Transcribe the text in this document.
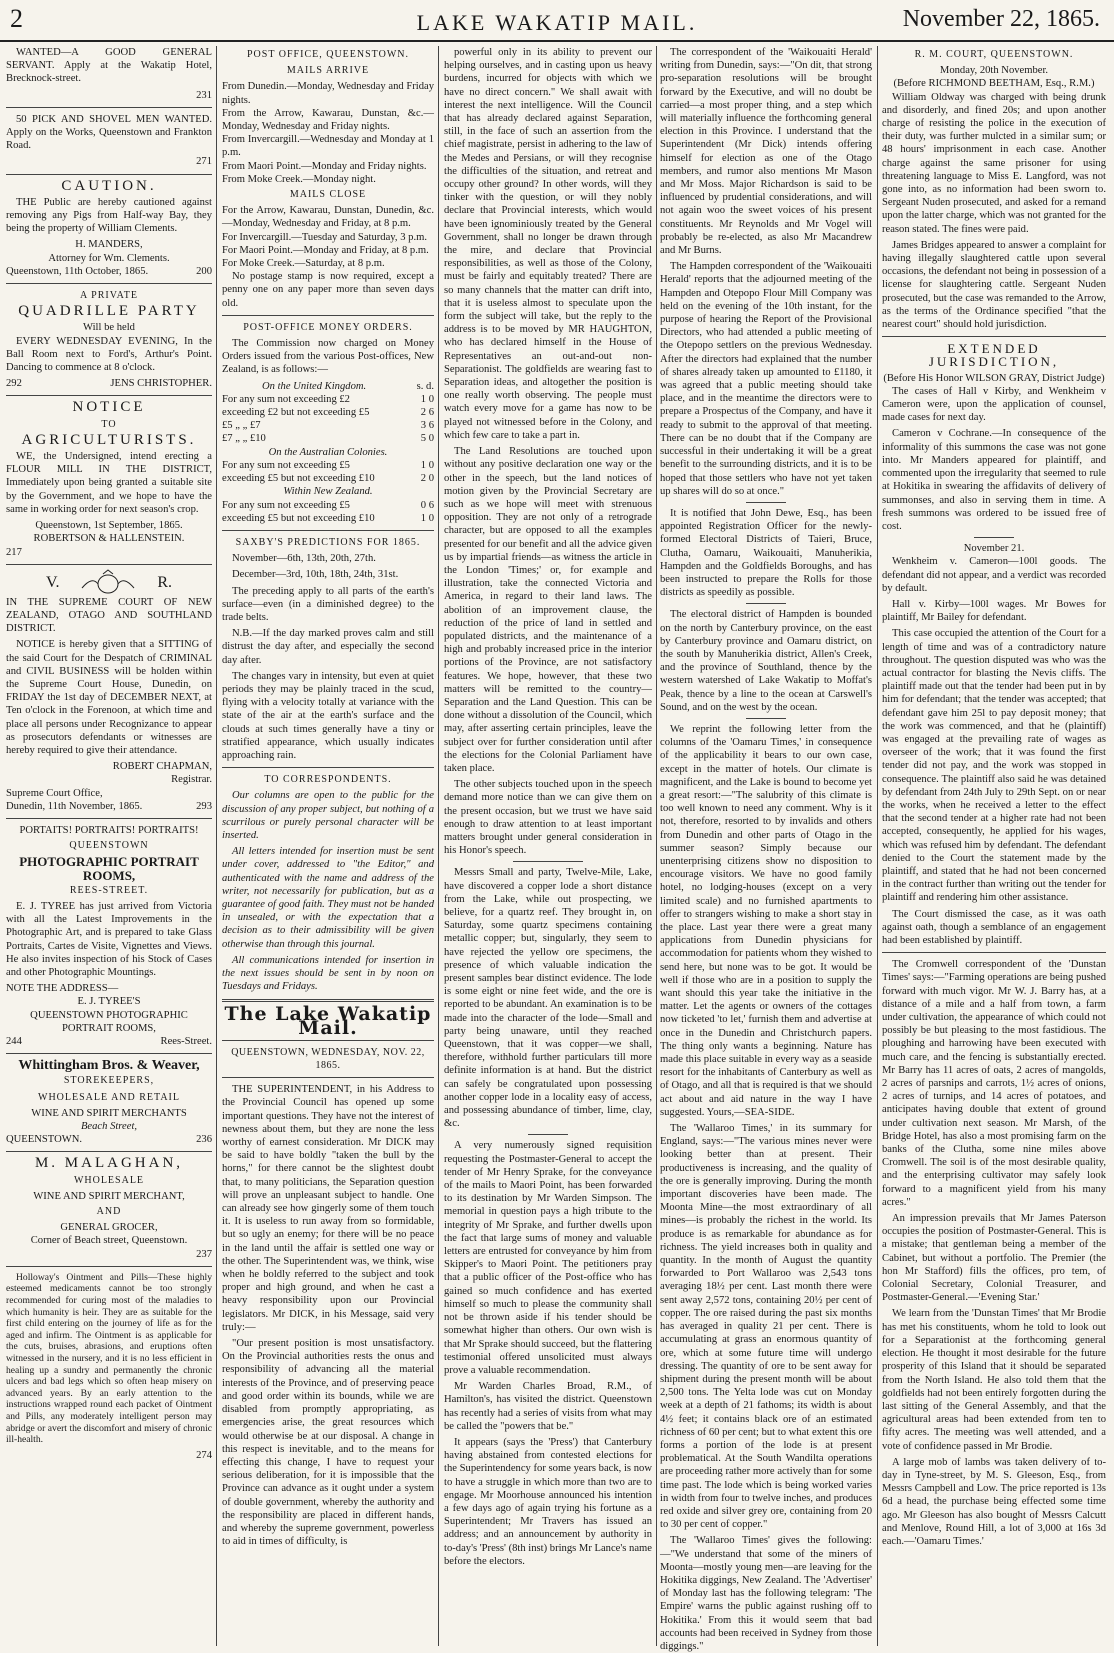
2	LAKE WAKATIP MAIL.	November 22, 1865.

WANTED—A GOOD GENERAL SERVANT. Apply at the Wakatip Hotel, Brecknock-street.

231

50 PICK AND SHOVEL MEN WANTED. Apply on the Works, Queenstown and Frankton Road.

271
CAUTION.

THE Public are hereby cautioned against removing any Pigs from Half-way Bay, they being the property of William Clements.

H. MANDERS,
Attorney for Wm. Clements.
Queenstown, 11th October, 1865.	200
A PRIVATE
QUADRILLE PARTY
Will be held

EVERY WEDNESDAY EVENING, In the Ball Room next to Ford's, Arthur's Point. Dancing to commence at 8 o'clock.

292	JENS CHRISTOPHER.
NOTICE
TO
AGRICULTURISTS.

WE, the Undersigned, intend erecting a FLOUR MILL IN THE DISTRICT, Immediately upon being granted a suitable site by the Government, and we hope to have the same in working order for next season's crop.

Queenstown, 1st September, 1865.
ROBERTSON & HALLENSTEIN.
217
V.	R.

IN THE SUPREME COURT OF NEW ZEALAND, OTAGO AND SOUTHLAND DISTRICT.

NOTICE is hereby given that a SITTING of the said Court for the Despatch of CRIMINAL and CIVIL BUSINESS will be holden within the Supreme Court House, Dunedin, on FRIDAY the 1st day of DECEMBER NEXT, at Ten o'clock in the Forenoon, at which time and place all persons under Recognizance to appear as prosecutors defendants or witnesses are hereby required to give their attendance.

ROBERT CHAPMAN,
Registrar.
Supreme Court Office,
Dunedin, 11th November, 1865.	293
PORTAITS! PORTRAITS! PORTRAITS!
QUEENSTOWN
PHOTOGRAPHIC PORTRAIT ROOMS,
REES-STREET.

E. J. TYREE has just arrived from Victoria with all the Latest Improvements in the Photographic Art, and is prepared to take Glass Portraits, Cartes de Visite, Vignettes and Views. He also invites inspection of his Stock of Cases and other Photographic Mountings.

NOTE THE ADDRESS—
E. J. TYREE'S
QUEENSTOWN PHOTOGRAPHIC PORTRAIT ROOMS,
244	Rees-Street.
Whittingham Bros. & Weaver,
STOREKEEPERS,
WHOLESALE AND RETAIL
WINE AND SPIRIT MERCHANTS
Beach Street,
QUEENSTOWN.	236
M. MALAGHAN,
WHOLESALE
WINE AND SPIRIT MERCHANT,
AND
GENERAL GROCER,
Corner of Beach street, Queenstown.
237

Holloway's Ointment and Pills—These highly esteemed medicaments cannot be too strongly recommended for curing most of the maladies to which humanity is heir. They are as suitable for the first child entering on the journey of life as for the aged and infirm. The Ointment is as applicable for the cuts, bruises, abrasions, and eruptions often witnessed in the nursery, and it is no less efficient in healing up a sundry and permanently the chronic ulcers and bad legs which so often heap misery on advanced years. By an early attention to the instructions wrapped round each packet of Ointment and Pills, any moderately intelligent person may abridge or avert the discomfort and misery of chronic ill-health.

274
POST OFFICE, QUEENSTOWN.
MAILS ARRIVE
From Dunedin.—Monday, Wednesday and Friday nights.
From the Arrow, Kawarau, Dunstan, &c.—Monday, Wednesday and Friday nights.
From Invercargill.—Wednesday and Monday at 1 p.m.
From Maori Point.—Monday and Friday nights.
From Moke Creek.—Monday night.
MAILS CLOSE
For the Arrow, Kawarau, Dunstan, Dunedin, &c.—Monday, Wednesday and Friday, at 8 p.m.
For Invercargill.—Tuesday and Saturday, 3 p.m.
For Maori Point.—Monday and Friday, at 8 p.m.
For Moke Creek.—Saturday, at 8 p.m.

No postage stamp is now required, except a penny one on any paper more than seven days old.

POST-OFFICE MONEY ORDERS.

The Commission now charged on Money Orders issued from the various Post-offices, New Zealand, is as follows:—

On the United Kingdom.	s. d.
For any sum not exceeding £2	1 0
exceeding £2 but not exceeding £5	2 6
£5 „ „ £7	3 6
£7 „ „ £10	5 0
On the Australian Colonies.
For any sum not exceeding £5	1 0
exceeding £5 but not exceeding £10	2 0
Within New Zealand.
For any sum not exceeding £5	0 6
exceeding £5 but not exceeding £10	1 0
SAXBY'S PREDICTIONS FOR 1865.

November—6th, 13th, 20th, 27th.

December—3rd, 10th, 18th, 24th, 31st.

The preceding apply to all parts of the earth's surface—even (in a diminished degree) to the trade belts.

N.B.—If the day marked proves calm and still distrust the day after, and especially the second day after.

The changes vary in intensity, but even at quiet periods they may be plainly traced in the scud, flying with a velocity totally at variance with the state of the air at the earth's surface and the clouds at such times generally have a tiny or stratified appearance, which usually indicates approaching rain.

TO CORRESPONDENTS.

Our columns are open to the public for the discussion of any proper subject, but nothing of a scurrilous or purely personal character will be inserted.

All letters intended for insertion must be sent under cover, addressed to "the Editor," and authenticated with the name and address of the writer, not necessarily for publication, but as a guarantee of good faith. They must not be handed in unsealed, or with the expectation that a decision as to their admissibility will be given otherwise than through this journal.

All communications intended for insertion in the next issues should be sent in by noon on Tuesdays and Fridays.

The Lake Wakatip Mail.
QUEENSTOWN, WEDNESDAY, NOV. 22, 1865.

THE SUPERINTENDENT, in his Address to the Provincial Council has opened up some important questions. They have not the interest of newness about them, but they are none the less worthy of earnest consideration. Mr DICK may be said to have boldly "taken the bull by the horns," for there cannot be the slightest doubt that, to many politicians, the Separation question will prove an unpleasant subject to handle. One can already see how gingerly some of them touch it. It is useless to run away from so formidable, but so ugly an enemy; for there will be no peace in the land until the affair is settled one way or the other. The Superintendent was, we think, wise when he boldly referred to the subject and took proper and high ground, and when he cast a heavy responsibility upon our Provincial legislators. Mr DICK, in his Message, said very truly:—

"Our present position is most unsatisfactory. On the Provincial authorities rests the onus and responsibility of advancing all the material interests of the Province, and of preserving peace and good order within its bounds, while we are disabled from promptly appropriating, as emergencies arise, the great resources which would otherwise be at our disposal. A change in this respect is inevitable, and to the means for effecting this change, I have to request your serious deliberation, for it is impossible that the Province can advance as it ought under a system of double government, whereby the authority and the responsibility are placed in different hands, and whereby the supreme government, powerless to aid in times of difficulty, is

powerful only in its ability to prevent our helping ourselves, and in casting upon us heavy burdens, incurred for objects with which we have no direct concern." We shall await with interest the next intelligence. Will the Council that has already declared against Separation, still, in the face of such an assertion from the chief magistrate, persist in adhering to the law of the Medes and Persians, or will they recognise the difficulties of the situation, and retreat and occupy other ground? In other words, will they tinker with the question, or will they nobly declare that Provincial interests, which would have been ignominiously treated by the General Government, shall no longer be drawn through the mire, and declare that Provincial responsibilities, as well as those of the Colony, must be fairly and equitably treated? There are so many channels that the matter can drift into, that it is useless almost to speculate upon the form the subject will take, but the reply to the address is to be moved by MR HAUGHTON, who has declared himself in the House of Representatives an out-and-out non-Separationist. The goldfields are wearing fast to Separation ideas, and altogether the position is one really worth observing. The people must watch every move for a game has now to be played not witnessed before in the Colony, and which few care to take a part in.

The Land Resolutions are touched upon without any positive declaration one way or the other in the speech, but the land notices of motion given by the Provincial Secretary are such as we hope will meet with strenuous opposition. They are not only of a retrograde character, but are opposed to all the examples presented for our benefit and all the advice given us by impartial friends—as witness the article in the London 'Times;' or, for example and illustration, take the connected Victoria and America, in regard to their land laws. The abolition of an improvement clause, the reduction of the price of land in settled and populated districts, and the maintenance of a high and probably increased price in the interior portions of the Province, are not satisfactory features. We hope, however, that these two matters will be remitted to the country—Separation and the Land Question. This can be done without a dissolution of the Council, which may, after asserting certain principles, leave the subject over for further consideration until after the elections for the Colonial Parliament have taken place.

The other subjects touched upon in the speech demand more notice than we can give them on the present occasion, but we trust we have said enough to draw attention to at least important matters brought under general consideration in his Honor's speech.

Messrs Small and party, Twelve-Mile, Lake, have discovered a copper lode a short distance from the Lake, while out prospecting, we believe, for a quartz reef. They brought in, on Saturday, some quartz specimens containing metallic copper; but, singularly, they seem to have rejected the yellow ore specimens, the presence of which valuable indication the present samples bear distinct evidence. The lode is some eight or nine feet wide, and the ore is reported to be abundant. An examination is to be made into the character of the lode—Small and party being unaware, until they reached Queenstown, that it was copper—we shall, therefore, withhold further particulars till more definite information is at hand. But the district can safely be congratulated upon possessing another copper lode in a locality easy of access, and possessing abundance of timber, lime, clay, &c.

A very numerously signed requisition requesting the Postmaster-General to accept the tender of Mr Henry Sprake, for the conveyance of the mails to Maori Point, has been forwarded to its destination by Mr Warden Simpson. The memorial in question pays a high tribute to the integrity of Mr Sprake, and further dwells upon the fact that large sums of money and valuable letters are entrusted for conveyance by him from Skipper's to Maori Point. The petitioners pray that a public officer of the Post-office who has gained so much confidence and has exerted himself so much to please the community shall not be thrown aside if his tender should be somewhat higher than others. Our own wish is that Mr Sprake should succeed, but the flattering testimonial offered unsolicited must always prove a valuable recommendation.

Mr Warden Charles Broad, R.M., of Hamilton's, has visited the district. Queenstown has recently had a series of visits from what may be called the "powers that be."

It appears (says the 'Press') that Canterbury having abstained from contested elections for the Superintendency for some years back, is now to have a struggle in which more than two are to engage. Mr Moorhouse announced his intention a few days ago of again trying his fortune as a Superintendent; Mr Travers has issued an address; and an announcement by authority in to-day's 'Press' (8th inst) brings Mr Lance's name before the electors.

The correspondent of the 'Waikouaiti Herald' writing from Dunedin, says:—"On dit, that strong pro-separation resolutions will be brought forward by the Executive, and will no doubt be carried—a most proper thing, and a step which will materially influence the forthcoming general election in this Province. I understand that the Superintendent (Mr Dick) intends offering himself for election as one of the Otago members, and rumor also mentions Mr Mason and Mr Moss. Major Richardson is said to be influenced by prudential considerations, and will not again woo the sweet voices of his present constituents. Mr Reynolds and Mr Vogel will probably be re-elected, as also Mr Macandrew and Mr Burns.

The Hampden correspondent of the 'Waikouaiti Herald' reports that the adjourned meeting of the Hampden and Otepopo Flour Mill Company was held on the evening of the 10th instant, for the purpose of hearing the Report of the Provisional Directors, who had attended a public meeting of the Otepopo settlers on the previous Wednesday. After the directors had explained that the number of shares already taken up amounted to £1180, it was agreed that a public meeting should take place, and in the meantime the directors were to prepare a Prospectus of the Company, and have it ready to submit to the approval of that meeting. There can be no doubt that if the Company are successful in their undertaking it will be a great benefit to the surrounding districts, and it is to be hoped that those settlers who have not yet taken up shares will do so at once."

It is notified that John Dewe, Esq., has been appointed Registration Officer for the newly-formed Electoral Districts of Taieri, Bruce, Clutha, Oamaru, Waikouaiti, Manuherikia, Hampden and the Goldfields Boroughs, and has been instructed to prepare the Rolls for those districts as speedily as possible.

The electoral district of Hampden is bounded on the north by Canterbury province, on the east by Canterbury province and Oamaru district, on the south by Manuherikia district, Allen's Creek, and the province of Southland, thence by the western watershed of Lake Wakatip to Moffat's Peak, thence by a line to the ocean at Carswell's Sound, and on the west by the ocean.

We reprint the following letter from the columns of the 'Oamaru Times,' in consequence of the applicability it bears to our own case, except in the matter of hotels. Our climate is magnificent, and the Lake is bound to become yet a great resort:—"The salubrity of this climate is too well known to need any comment. Why is it not, therefore, resorted to by invalids and others from Dunedin and other parts of Otago in the summer season? Simply because our unenterprising citizens show no disposition to encourage visitors. We have no good family hotel, no lodging-houses (except on a very limited scale) and no furnished apartments to offer to strangers wishing to make a short stay in the place. Last year there were a great many applications from Dunedin physicians for accommodation for patients whom they wished to send here, but none was to be got. It would be well if those who are in a position to supply the want should this year take the initiative in the matter. Let the agents or owners of the cottages now ticketed 'to let,' furnish them and advertise at once in the Dunedin and Christchurch papers. The thing only wants a beginning. Nature has made this place suitable in every way as a seaside resort for the inhabitants of Canterbury as well as of Otago, and all that is required is that we should act about and aid nature in the way I have suggested. Yours,—SEA-SIDE.

The 'Wallaroo Times,' in its summary for England, says:—"The various mines never were looking better than at present. Their productiveness is increasing, and the quality of the ore is generally improving. During the month important discoveries have been made. The Moonta Mine—the most extraordinary of all mines—is probably the richest in the world. Its produce is as remarkable for abundance as for richness. The yield increases both in quality and quantity. In the month of August the quantity forwarded to Port Wallaroo was 2,543 tons averaging 18½ per cent. Last month there were sent away 2,572 tons, containing 20½ per cent of copper. The ore raised during the past six months has averaged in quality 21 per cent. There is accumulating at grass an enormous quantity of ore, which at some future time will undergo dressing. The quantity of ore to be sent away for shipment during the present month will be about 2,500 tons. The Yelta lode was cut on Monday week at a depth of 21 fathoms; its width is about 4½ feet; it contains black ore of an estimated richness of 60 per cent; but to what extent this ore forms a portion of the lode is at present problematical. At the South Wandilta operations are proceeding rather more actively than for some time past. The lode which is being worked varies in width from four to twelve inches, and produces red oxide and silver grey ore, containing from 20 to 30 per cent of copper."

The 'Wallaroo Times' gives the following:—"We understand that some of the miners of Moonta—mostly young men—are leaving for the Hokitika diggings, New Zealand. The 'Advertiser' of Monday last has the following telegram: 'The Empire' warns the public against rushing off to Hokitika.' From this it would seem that bad accounts had been received in Sydney from those diggings."

R. M. COURT, QUEENSTOWN.
Monday, 20th November.
(Before RICHMOND BEETHAM, Esq., R.M.)

William Oldway was charged with being drunk and disorderly, and fined 20s; and upon another charge of resisting the police in the execution of their duty, was further mulcted in a similar sum; or 48 hours' imprisonment in each case. Another charge against the same prisoner for using threatening language to Miss E. Langford, was not gone into, as no information had been sworn to. Sergeant Nuden prosecuted, and asked for a remand upon the latter charge, which was not granted for the reason stated. The fines were paid.

James Bridges appeared to answer a complaint for having illegally slaughtered cattle upon several occasions, the defendant not being in possession of a license for slaughtering cattle. Sergeant Nuden prosecuted, but the case was remanded to the Arrow, as the terms of the Ordinance specified "that the nearest court" should hold jurisdiction.

EXTENDED JURISDICTION,
(Before His Honor WILSON GRAY, District Judge)

The cases of Hall v Kirby, and Wenkheim v Cameron were, upon the application of counsel, made cases for next day.

Cameron v Cochrane.—In consequence of the informality of this summons the case was not gone into. Mr Manders appeared for plaintiff, and commented upon the irregularity that seemed to rule at Hokitika in swearing the affidavits of delivery of summonses, and also in serving them in time. A fresh summons was ordered to be issued free of cost.

November 21.

Wenkheim v. Cameron—100l goods. The defendant did not appear, and a verdict was recorded by default.

Hall v. Kirby—100l wages. Mr Bowes for plaintiff, Mr Bailey for defendant.

This case occupied the attention of the Court for a length of time and was of a contradictory nature throughout. The question disputed was who was the actual contractor for blasting the Nevis cliffs. The plaintiff made out that the tender had been put in by him for defendant; that the tender was accepted; that defendant gave him 25l to pay deposit money; that the work was commenced, and that he (plaintiff) was engaged at the prevailing rate of wages as overseer of the work; that it was found the first tender did not pay, and the work was stopped in consequence. The plaintiff also said he was detained by defendant from 24th July to 29th Sept. on or near the works, when he received a letter to the effect that the second tender at a higher rate had not been accepted, consequently, he applied for his wages, which was refused him by defendant. The defendant denied to the Court the statement made by the plaintiff, and stated that he had not been concerned in the contract further than writing out the tender for plaintiff and rendering him other assistance.

The Court dismissed the case, as it was oath against oath, though a semblance of an engagement had been established by plaintiff.

The Cromwell correspondent of the 'Dunstan Times' says:—"Farming operations are being pushed forward with much vigor. Mr W. J. Barry has, at a distance of a mile and a half from town, a farm under cultivation, the appearance of which could not possibly be but pleasing to the most fastidious. The ploughing and harrowing have been executed with much care, and the fencing is substantially erected. Mr Barry has 11 acres of oats, 2 acres of mangolds, 2 acres of parsnips and carrots, 1½ acres of onions, 2 acres of turnips, and 14 acres of potatoes, and anticipates having double that extent of ground under cultivation next season. Mr Marsh, of the Bridge Hotel, has also a most promising farm on the banks of the Clutha, some nine miles above Cromwell. The soil is of the most desirable quality, and the enterprising cultivator may safely look forward to a magnificent yield from his many acres."

An impression prevails that Mr James Paterson occupies the position of Postmaster-General. This is a mistake; that gentleman being a member of the Cabinet, but without a portfolio. The Premier (the hon Mr Stafford) fills the offices, pro tem, of Colonial Secretary, Colonial Treasurer, and Postmaster-General.—'Evening Star.'

We learn from the 'Dunstan Times' that Mr Brodie has met his constituents, whom he told to look out for a Separationist at the forthcoming general election. He thought it most desirable for the future prosperity of this Island that it should be separated from the North Island. He also told them that the goldfields had not been entirely forgotten during the last sitting of the General Assembly, and that the agricultural areas had been extended from ten to fifty acres. The meeting was well attended, and a vote of confidence passed in Mr Brodie.

A large mob of lambs was taken delivery of to-day in Tyne-street, by M. S. Gleeson, Esq., from Messrs Campbell and Low. The price reported is 13s 6d a head, the purchase being effected some time ago. Mr Gleeson has also bought of Messrs Calcutt and Menlove, Round Hill, a lot of 3,000 at 16s 3d each.—'Oamaru Times.'
